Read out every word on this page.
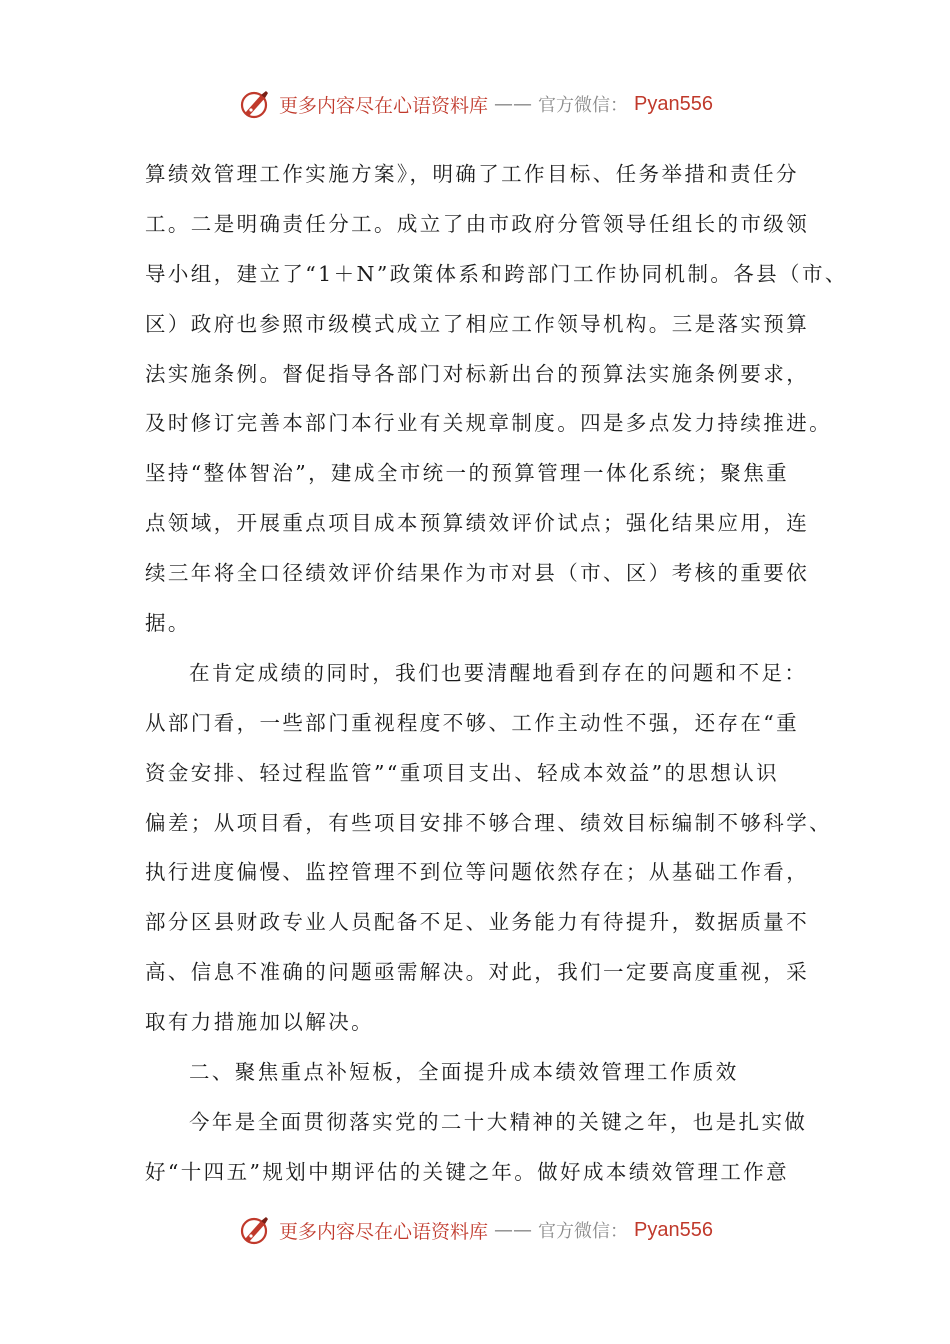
更多内容尽在心语资料库 —— 官方微信： Pyan556
算绩效管理工作实施方案》，明确了工作目标、任务举措和责任分
工。二是明确责任分工。成立了由市政府分管领导任组长的市级领
导小组，建立了“1＋N”政策体系和跨部门工作协同机制。各县（市、
区）政府也参照市级模式成立了相应工作领导机构。三是落实预算
法实施条例。督促指导各部门对标新出台的预算法实施条例要求，
及时修订完善本部门本行业有关规章制度。四是多点发力持续推进。
坚持“整体智治”，建成全市统一的预算管理一体化系统；聚焦重
点领域，开展重点项目成本预算绩效评价试点；强化结果应用，连
续三年将全口径绩效评价结果作为市对县（市、区）考核的重要依
据。
在肯定成绩的同时，我们也要清醒地看到存在的问题和不足：
从部门看，一些部门重视程度不够、工作主动性不强，还存在“重
资金安排、轻过程监管”“重项目支出、轻成本效益”的思想认识
偏差；从项目看，有些项目安排不够合理、绩效目标编制不够科学、
执行进度偏慢、监控管理不到位等问题依然存在；从基础工作看，
部分区县财政专业人员配备不足、业务能力有待提升，数据质量不
高、信息不准确的问题亟需解决。对此，我们一定要高度重视，采
取有力措施加以解决。
二、聚焦重点补短板，全面提升成本绩效管理工作质效
今年是全面贯彻落实党的二十大精神的关键之年，也是扎实做
好“十四五”规划中期评估的关键之年。做好成本绩效管理工作意
更多内容尽在心语资料库 —— 官方微信： Pyan556
